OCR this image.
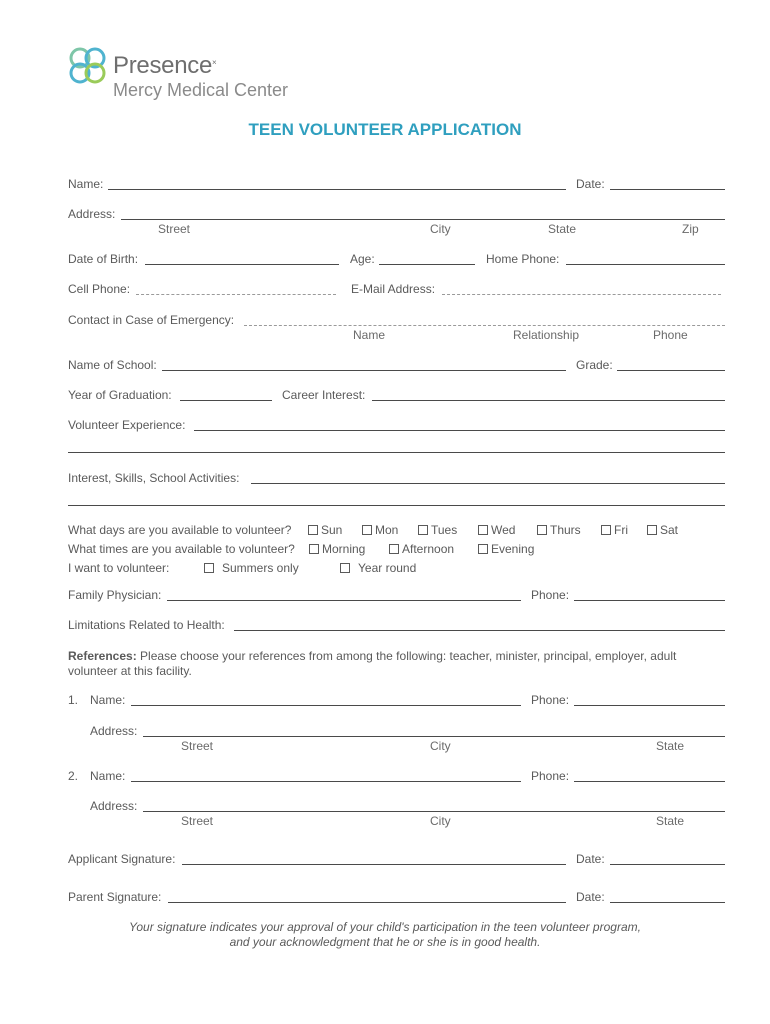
Presence×
Mercy Medical Center
TEEN VOLUNTEER APPLICATION
Name:	Date:
Address:
Street	City	State	Zip
Date of Birth:	Age:	Home Phone:
Cell Phone:	E-Mail Address:
Contact in Case of Emergency:
Name	Relationship	Phone
Name of School:	Grade:
Year of Graduation:	Career Interest:
Volunteer Experience:
Interest, Skills, School Activities:
What days are you available to volunteer?	Sun	Mon	Tues	Wed	Thurs	Fri	Sat
What times are you available to volunteer?	Morning	Afternoon	Evening
I want to volunteer:	Summers only	Year round
Family Physician:	Phone:
Limitations Related to Health:
References: Please choose your references from among the following: teacher, minister, principal, employer, adult
volunteer at this facility.
1. Name:	Phone:
Address:
Street	City	State
2. Name:	Phone:
Address:
Street	City	State
Applicant Signature:	Date:
Parent Signature:	Date:
Your signature indicates your approval of your child's participation in the teen volunteer program,
and your acknowledgment that he or she is in good health.
